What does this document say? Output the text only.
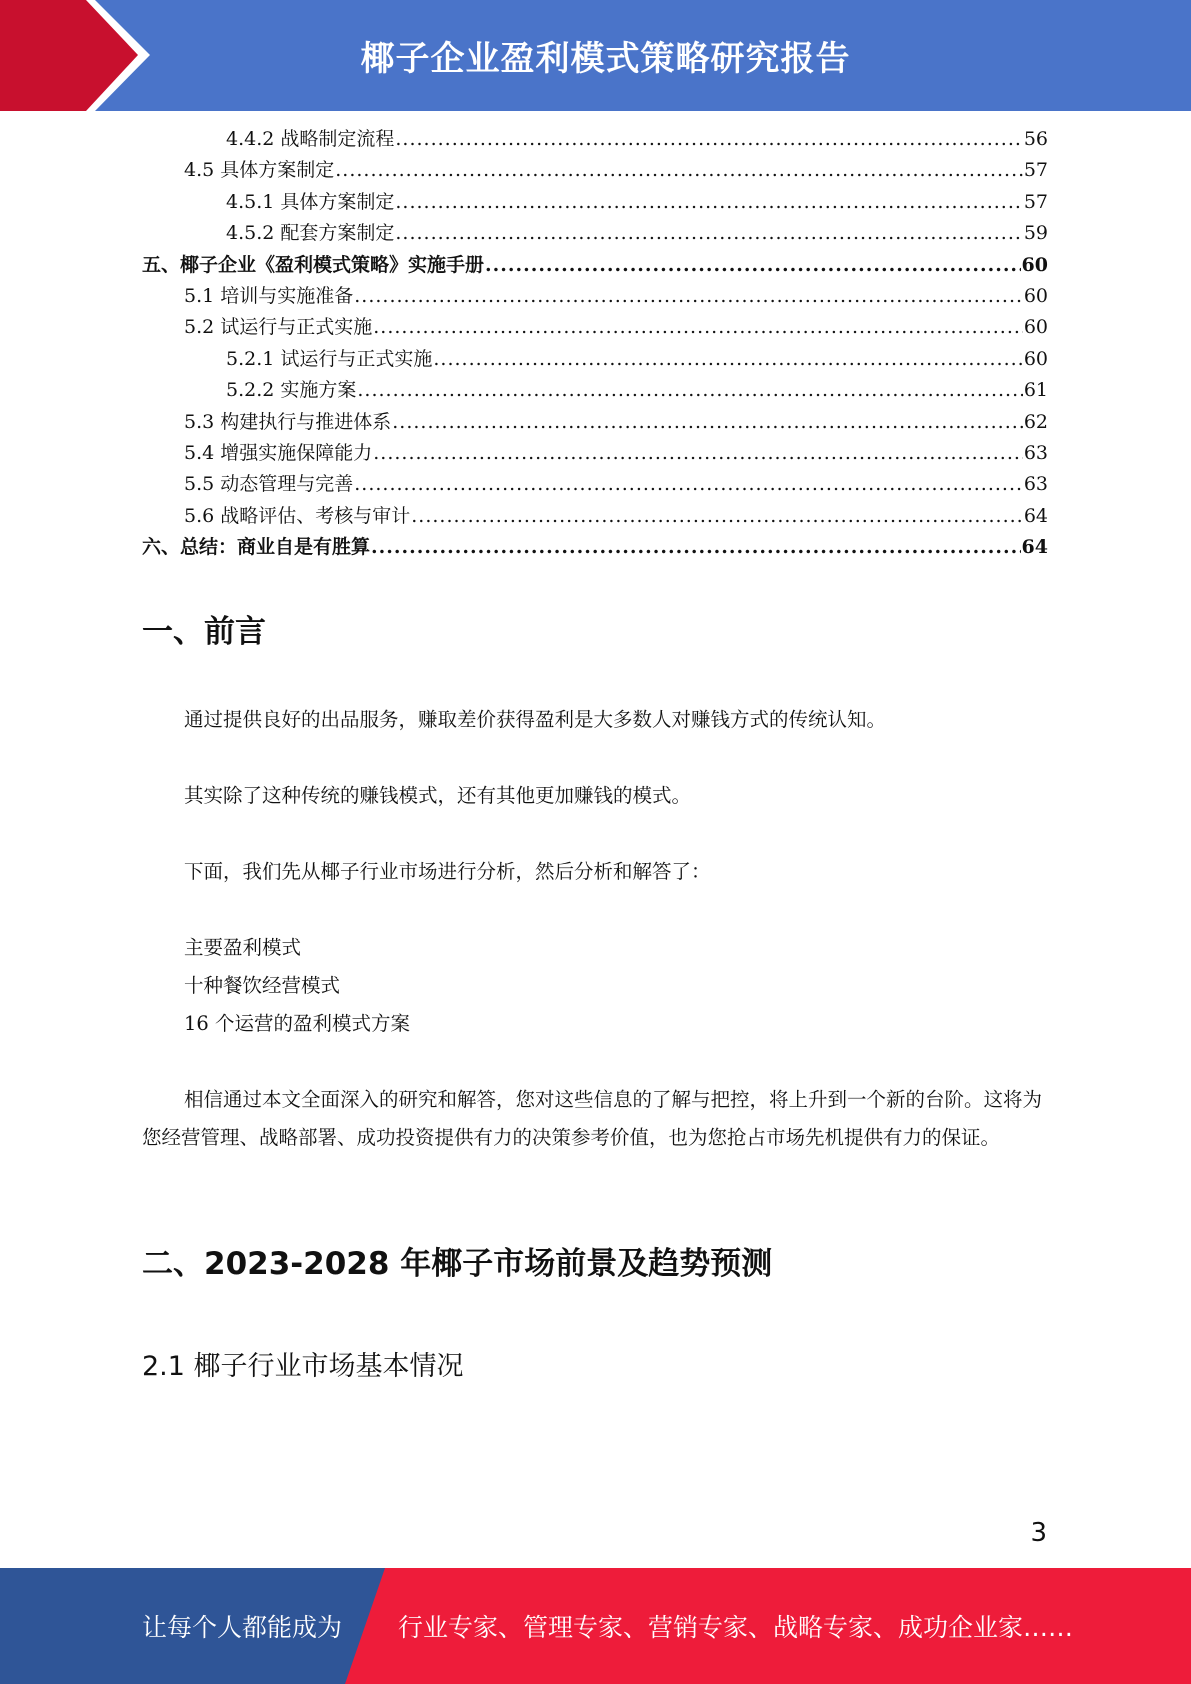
椰子企业盈利模式策略研究报告
4.4.2 战略制定流程 .....	56
4.5 具体方案制定 .....	57
4.5.1 具体方案制定 .....	57
4.5.2 配套方案制定 .....	59
五、椰子企业《盈利模式策略》实施手册 .....	60
5.1 培训与实施准备 .....	60
5.2 试运行与正式实施 .....	60
5.2.1 试运行与正式实施 .....	60
5.2.2 实施方案 .....	61
5.3 构建执行与推进体系 .....	62
5.4 增强实施保障能力 .....	63
5.5 动态管理与完善 .....	63
5.6 战略评估、考核与审计 .....	64
六、总结：商业自是有胜算 .....	64
一、前言
通过提供良好的出品服务，赚取差价获得盈利是大多数人对赚钱方式的传统认知。
其实除了这种传统的赚钱模式，还有其他更加赚钱的模式。
下面，我们先从椰子行业市场进行分析，然后分析和解答了：
主要盈利模式
十种餐饮经营模式
16 个运营的盈利模式方案
相信通过本文全面深入的研究和解答，您对这些信息的了解与把控，将上升到一个新的台阶。这将为您经营管理、战略部署、成功投资提供有力的决策参考价值，也为您抢占市场先机提供有力的保证。
二、2023-2028 年椰子市场前景及趋势预测
2.1 椰子行业市场基本情况
3
让每个人都能成为 行业专家、管理专家、营销专家、战略专家、成功企业家……
